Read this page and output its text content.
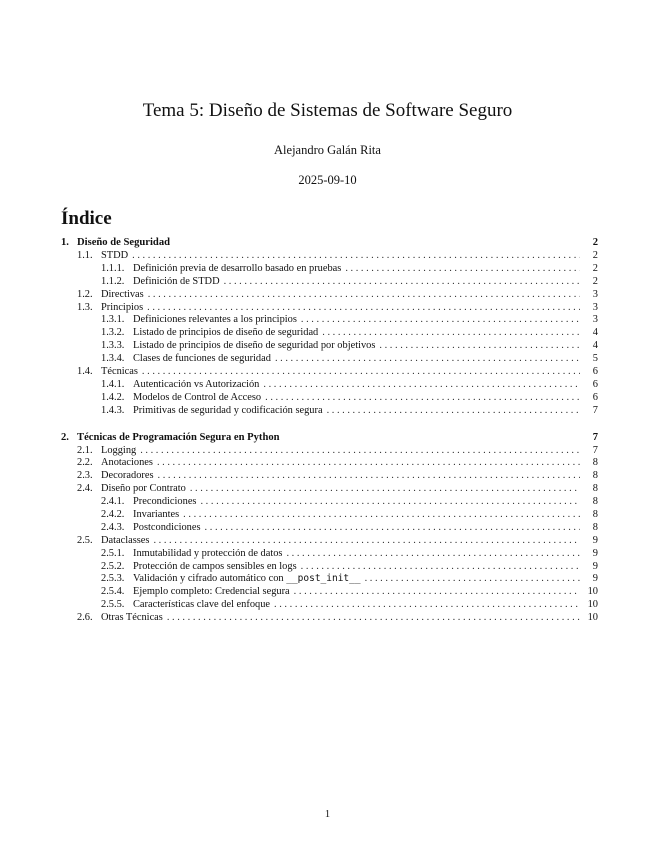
Tema 5: Diseño de Sistemas de Software Seguro
Alejandro Galán Rita
2025-09-10
Índice
1. Diseño de Seguridad	2
1.1. STDD . . .	2
1.1.1. Definición previa de desarrollo basado en pruebas . . .	2
1.1.2. Definición de STDD . . .	2
1.2. Directivas . . .	3
1.3. Principios . . .	3
1.3.1. Definiciones relevantes a los principios . . .	3
1.3.2. Listado de principios de diseño de seguridad . . .	4
1.3.3. Listado de principios de diseño de seguridad por objetivos . . .	4
1.3.4. Clases de funciones de seguridad . . .	5
1.4. Técnicas . . .	6
1.4.1. Autenticación vs Autorización . . .	6
1.4.2. Modelos de Control de Acceso . . .	6
1.4.3. Primitivas de seguridad y codificación segura . . .	7
2. Técnicas de Programación Segura en Python	7
2.1. Logging . . .	7
2.2. Anotaciones . . .	8
2.3. Decoradores . . .	8
2.4. Diseño por Contrato . . .	8
2.4.1. Precondiciones . . .	8
2.4.2. Invariantes . . .	8
2.4.3. Postcondiciones . . .	8
2.5. Dataclasses . . .	9
2.5.1. Inmutabilidad y protección de datos . . .	9
2.5.2. Protección de campos sensibles en logs . . .	9
2.5.3. Validación y cifrado automático con __post_init__ . . .	9
2.5.4. Ejemplo completo: Credencial segura . . .	10
2.5.5. Características clave del enfoque . . .	10
2.6. Otras Técnicas . . .	10
1
